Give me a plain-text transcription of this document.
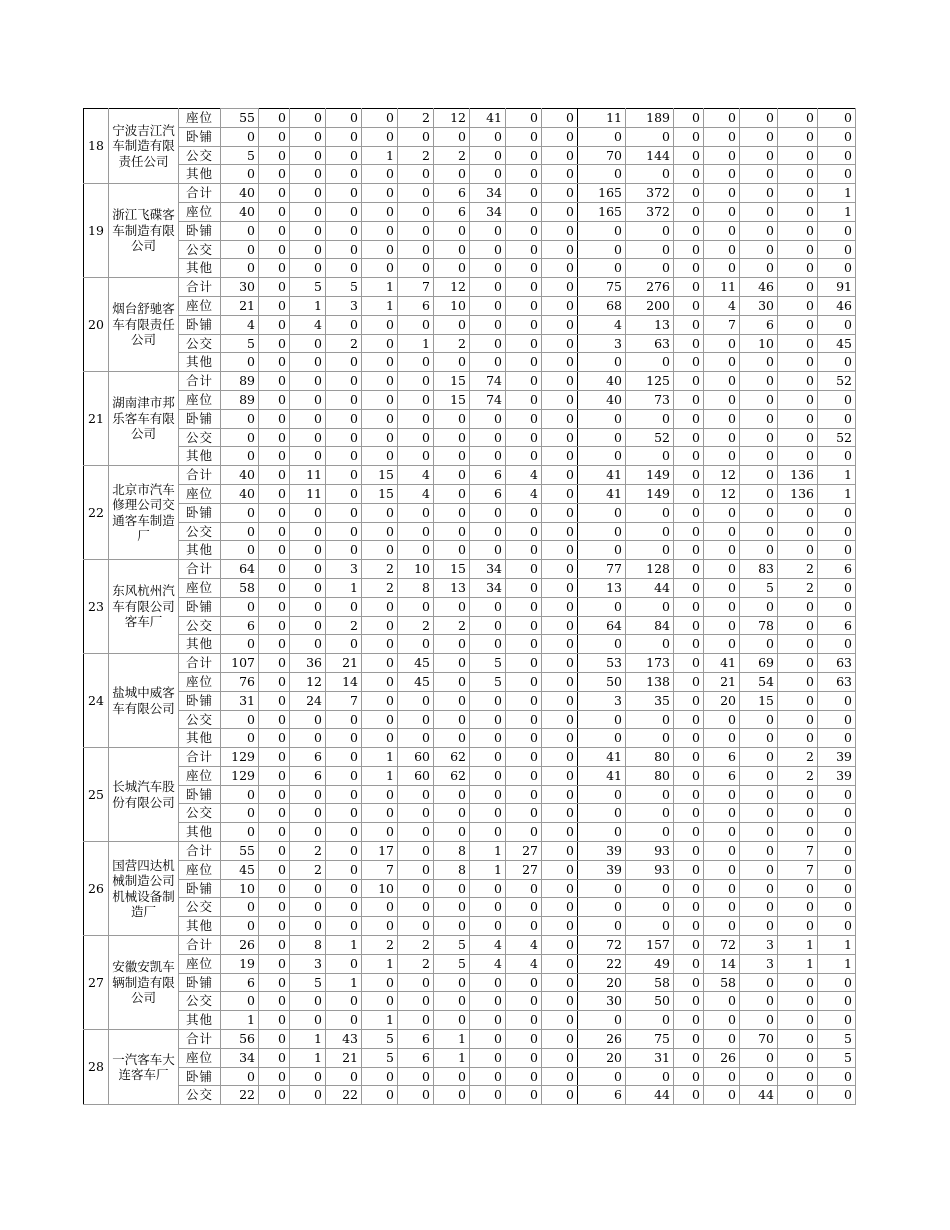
18	宁波吉江汽车制造有限责任公司	座位	55	0	0	0	0	2	12	41	0	0	11	189	0	0	0	0	0
		卧铺	0	0	0	0	0	0	0	0	0	0	0	0	0	0	0	0	0
		公交	5	0	0	0	1	2	2	0	0	0	70	144	0	0	0	0	0
		其他	0	0	0	0	0	0	0	0	0	0	0	0	0	0	0	0	0
19	浙江飞碟客车制造有限公司	合计	40	0	0	0	0	0	6	34	0	0	165	372	0	0	0	0	1
		座位	40	0	0	0	0	0	6	34	0	0	165	372	0	0	0	0	1
		卧铺	0	0	0	0	0	0	0	0	0	0	0	0	0	0	0	0	0
		公交	0	0	0	0	0	0	0	0	0	0	0	0	0	0	0	0	0
		其他	0	0	0	0	0	0	0	0	0	0	0	0	0	0	0	0	0
20	烟台舒驰客车有限责任公司	合计	30	0	5	5	1	7	12	0	0	0	75	276	0	11	46	0	91
		座位	21	0	1	3	1	6	10	0	0	0	68	200	0	4	30	0	46
		卧铺	4	0	4	0	0	0	0	0	0	0	4	13	0	7	6	0	0
		公交	5	0	0	2	0	1	2	0	0	0	3	63	0	0	10	0	45
		其他	0	0	0	0	0	0	0	0	0	0	0	0	0	0	0	0	0
21	湖南津市邦乐客车有限公司	合计	89	0	0	0	0	0	15	74	0	0	40	125	0	0	0	0	52
		座位	89	0	0	0	0	0	15	74	0	0	40	73	0	0	0	0	0
		卧铺	0	0	0	0	0	0	0	0	0	0	0	0	0	0	0	0	0
		公交	0	0	0	0	0	0	0	0	0	0	0	52	0	0	0	0	52
		其他	0	0	0	0	0	0	0	0	0	0	0	0	0	0	0	0	0
22	北京市汽车修理公司交通客车制造厂	合计	40	0	11	0	15	4	0	6	4	0	41	149	0	12	0	136	1
		座位	40	0	11	0	15	4	0	6	4	0	41	149	0	12	0	136	1
		卧铺	0	0	0	0	0	0	0	0	0	0	0	0	0	0	0	0	0
		公交	0	0	0	0	0	0	0	0	0	0	0	0	0	0	0	0	0
		其他	0	0	0	0	0	0	0	0	0	0	0	0	0	0	0	0	0
23	东风杭州汽车有限公司客车厂	合计	64	0	0	3	2	10	15	34	0	0	77	128	0	0	83	2	6
		座位	58	0	0	1	2	8	13	34	0	0	13	44	0	0	5	2	0
		卧铺	0	0	0	0	0	0	0	0	0	0	0	0	0	0	0	0	0
		公交	6	0	0	2	0	2	2	0	0	0	64	84	0	0	78	0	6
		其他	0	0	0	0	0	0	0	0	0	0	0	0	0	0	0	0	0
24	盐城中威客车有限公司	合计	107	0	36	21	0	45	0	5	0	0	53	173	0	41	69	0	63
		座位	76	0	12	14	0	45	0	5	0	0	50	138	0	21	54	0	63
		卧铺	31	0	24	7	0	0	0	0	0	0	3	35	0	20	15	0	0
		公交	0	0	0	0	0	0	0	0	0	0	0	0	0	0	0	0	0
		其他	0	0	0	0	0	0	0	0	0	0	0	0	0	0	0	0	0
25	长城汽车股份有限公司	合计	129	0	6	0	1	60	62	0	0	0	41	80	0	6	0	2	39
		座位	129	0	6	0	1	60	62	0	0	0	41	80	0	6	0	2	39
		卧铺	0	0	0	0	0	0	0	0	0	0	0	0	0	0	0	0	0
		公交	0	0	0	0	0	0	0	0	0	0	0	0	0	0	0	0	0
		其他	0	0	0	0	0	0	0	0	0	0	0	0	0	0	0	0	0
26	国营四达机械制造公司机械设备制造厂	合计	55	0	2	0	17	0	8	1	27	0	39	93	0	0	0	7	0
		座位	45	0	2	0	7	0	8	1	27	0	39	93	0	0	0	7	0
		卧铺	10	0	0	0	10	0	0	0	0	0	0	0	0	0	0	0	0
		公交	0	0	0	0	0	0	0	0	0	0	0	0	0	0	0	0	0
		其他	0	0	0	0	0	0	0	0	0	0	0	0	0	0	0	0	0
27	安徽安凯车辆制造有限公司	合计	26	0	8	1	2	2	5	4	4	0	72	157	0	72	3	1	1
		座位	19	0	3	0	1	2	5	4	4	0	22	49	0	14	3	1	1
		卧铺	6	0	5	1	0	0	0	0	0	0	20	58	0	58	0	0	0
		公交	0	0	0	0	0	0	0	0	0	0	30	50	0	0	0	0	0
		其他	1	0	0	0	1	0	0	0	0	0	0	0	0	0	0	0	0
28	一汽客车大连客车厂	合计	56	0	1	43	5	6	1	0	0	0	26	75	0	0	70	0	5
		座位	34	0	1	21	5	6	1	0	0	0	20	31	0	26	0	0	5
		卧铺	0	0	0	0	0	0	0	0	0	0	0	0	0	0	0	0	0
		公交	22	0	0	22	0	0	0	0	0	0	6	44	0	0	44	0	0
